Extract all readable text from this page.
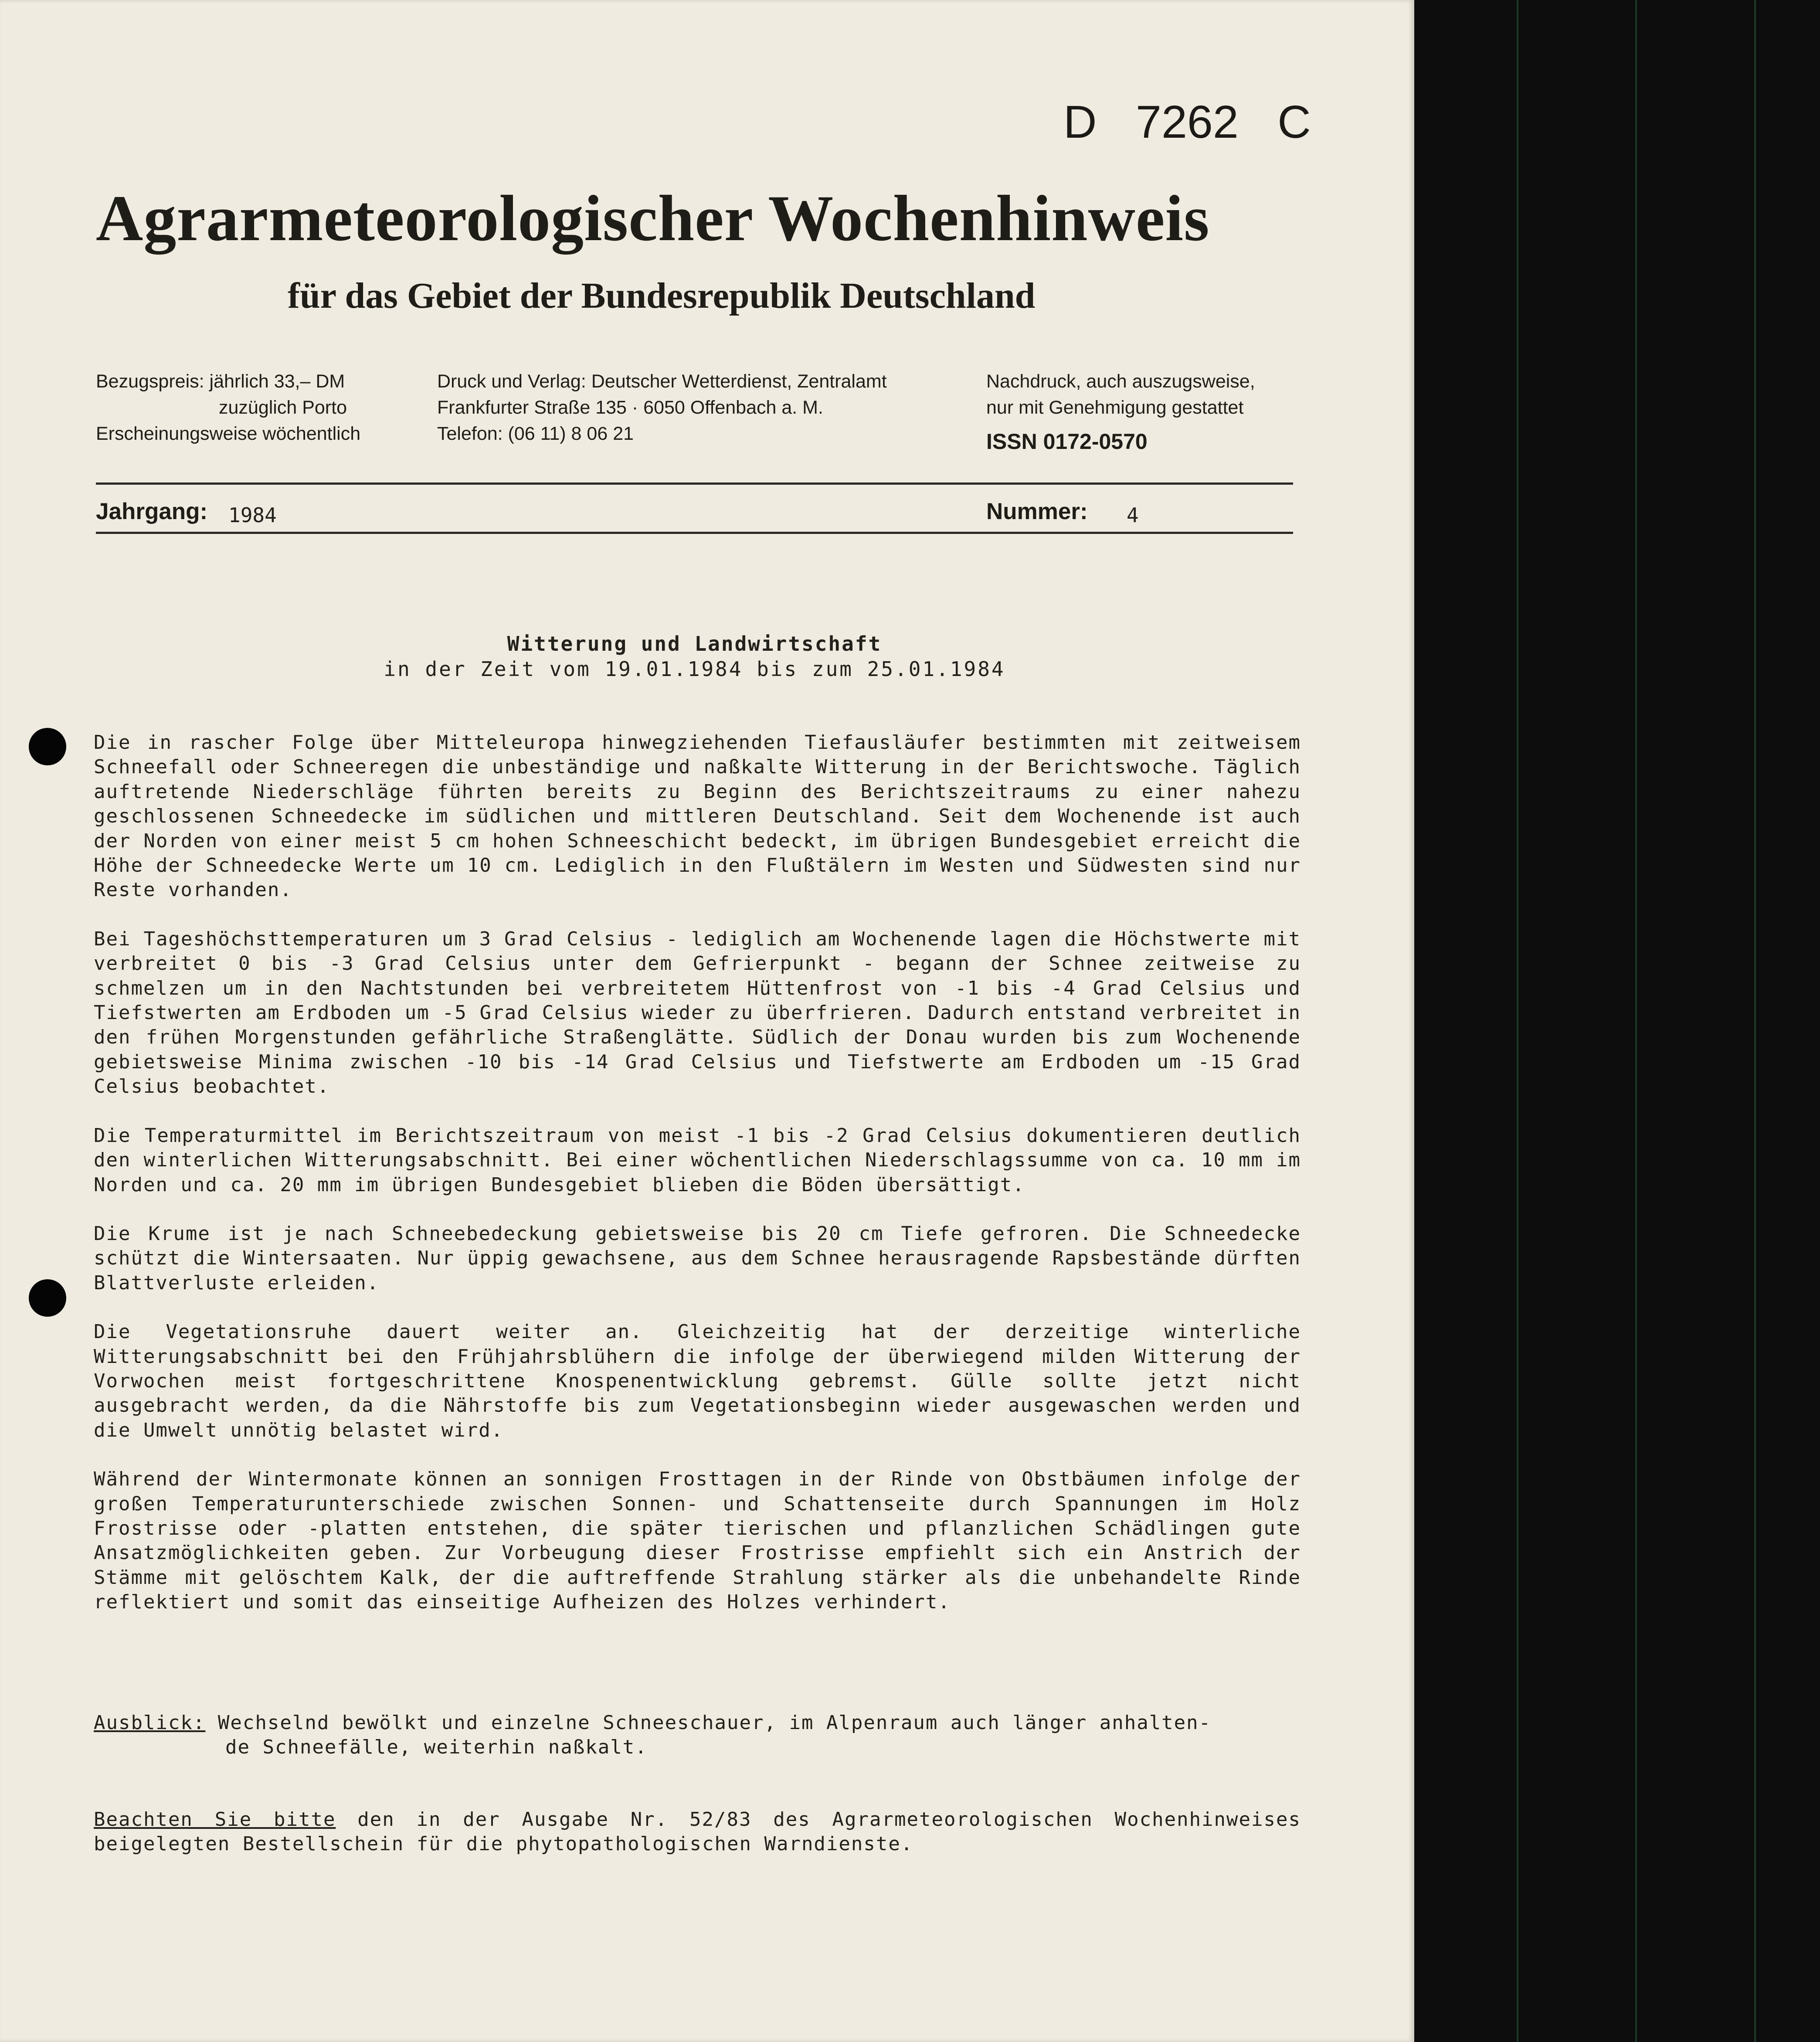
D 7262 C
Agrarmeteorologischer Wochenhinweis
für das Gebiet der Bundesrepublik Deutschland
Bezugspreis: jährlich 33,– DM
zuzüglich Porto
Erscheinungsweise wöchentlich
Druck und Verlag: Deutscher Wetterdienst, Zentralamt
Frankfurter Straße 135 · 6050 Offenbach a. M.
Telefon: (06 11) 8 06 21
Nachdruck, auch auszugsweise,
nur mit Genehmigung gestattet
ISSN 0172-0570
Jahrgang: 1984	Nummer: 4
Witterung und Landwirtschaft
in der Zeit vom 19.01.1984 bis zum 25.01.1984

Die in rascher Folge über Mitteleuropa hinwegziehenden Tiefausläufer bestimmten mit zeitweisem Schneefall oder Schneeregen die unbeständige und naßkalte Witterung in der Berichtswoche. Täglich auftretende Niederschläge führten bereits zu Beginn des Berichtszeitraums zu einer nahezu geschlossenen Schneedecke im südlichen und mittleren Deutschland. Seit dem Wochenende ist auch der Norden von einer meist 5 cm hohen Schneeschicht bedeckt, im übrigen Bundesgebiet erreicht die Höhe der Schneedecke Werte um 10 cm. Lediglich in den Flußtälern im Westen und Südwesten sind nur Reste vorhanden.

Bei Tageshöchsttemperaturen um 3 Grad Celsius - lediglich am Wochenende lagen die Höchstwerte mit verbreitet 0 bis -3 Grad Celsius unter dem Gefrierpunkt - begann der Schnee zeitweise zu schmelzen um in den Nachtstunden bei verbreitetem Hüttenfrost von -1 bis -4 Grad Celsius und Tiefstwerten am Erdboden um -5 Grad Celsius wieder zu überfrieren. Dadurch entstand verbreitet in den frühen Morgenstunden gefährliche Straßenglätte. Südlich der Donau wurden bis zum Wochenende gebietsweise Minima zwischen -10 bis -14 Grad Celsius und Tiefstwerte am Erdboden um -15 Grad Celsius beobachtet.

Die Temperaturmittel im Berichtszeitraum von meist -1 bis -2 Grad Celsius dokumentieren deutlich den winterlichen Witterungsabschnitt. Bei einer wöchentlichen Niederschlagssumme von ca. 10 mm im Norden und ca. 20 mm im übrigen Bundesgebiet blieben die Böden übersättigt.

Die Krume ist je nach Schneebedeckung gebietsweise bis 20 cm Tiefe gefroren. Die Schneedecke schützt die Wintersaaten. Nur üppig gewachsene, aus dem Schnee herausragende Rapsbestände dürften Blattverluste erleiden.

Die Vegetationsruhe dauert weiter an. Gleichzeitig hat der derzeitige winterliche Witterungsabschnitt bei den Frühjahrsblühern die infolge der überwiegend milden Witterung der Vorwochen meist fortgeschrittene Knospenentwicklung gebremst. Gülle sollte jetzt nicht ausgebracht werden, da die Nährstoffe bis zum Vegetationsbeginn wieder ausgewaschen werden und die Umwelt unnötig belastet wird.

Während der Wintermonate können an sonnigen Frosttagen in der Rinde von Obstbäumen infolge der großen Temperaturunterschiede zwischen Sonnen- und Schattenseite durch Spannungen im Holz Frostrisse oder -platten entstehen, die später tierischen und pflanzlichen Schädlingen gute Ansatzmöglichkeiten geben. Zur Vorbeugung dieser Frostrisse empfiehlt sich ein Anstrich der Stämme mit gelöschtem Kalk, der die auftreffende Strahlung stärker als die unbehandelte Rinde reflektiert und somit das einseitige Aufheizen des Holzes verhindert.

Ausblick: Wechselnd bewölkt und einzelne Schneeschauer, im Alpenraum auch länger anhalten-
de Schneefälle, weiterhin naßkalt.
Beachten Sie bitte den in der Ausgabe Nr. 52/83 des Agrarmeteorologischen Wochenhinweises beigelegten Bestellschein für die phytopathologischen Warndienste.
